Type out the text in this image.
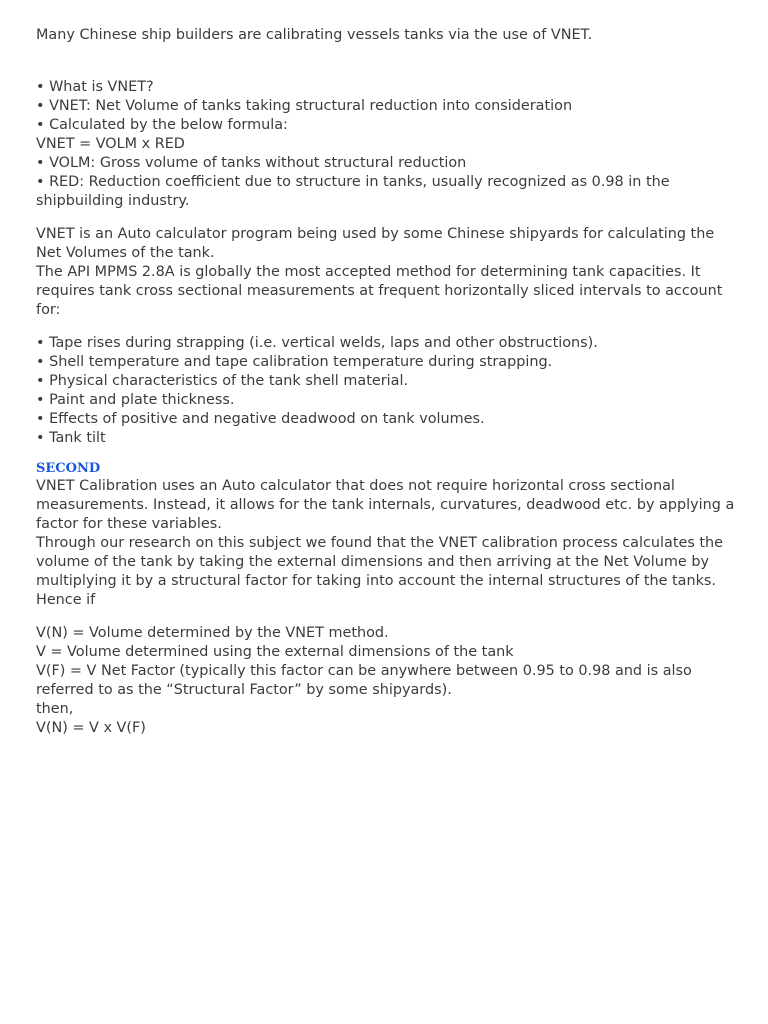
Many Chinese ship builders are calibrating vessels tanks via the use of VNET.

• What is VNET?
• VNET: Net Volume of tanks taking structural reduction into consideration
• Calculated by the below formula:
VNET = VOLM x RED
• VOLM: Gross volume of tanks without structural reduction
• RED: Reduction coefficient due to structure in tanks, usually recognized as 0.98 in the shipbuilding industry.
VNET is an Auto calculator program being used by some Chinese shipyards for calculating the Net Volumes of the tank.
The API MPMS 2.8A is globally the most accepted method for determining tank capacities. It requires tank cross sectional measurements at frequent horizontally sliced intervals to account for:
• Tape rises during strapping (i.e. vertical welds, laps and other obstructions).
• Shell temperature and tape calibration temperature during strapping.
• Physical characteristics of the tank shell material.
• Paint and plate thickness.
• Effects of positive and negative deadwood on tank volumes.
• Tank tilt
SECOND
VNET Calibration uses an Auto calculator that does not require horizontal cross sectional measurements. Instead, it allows for the tank internals, curvatures, deadwood etc. by applying a factor for these variables.
Through our research on this subject we found that the VNET calibration process calculates the volume of the tank by taking the external dimensions and then arriving at the Net Volume by multiplying it by a structural factor for taking into account the internal structures of the tanks.
Hence if
V(N) = Volume determined by the VNET method.
V = Volume determined using the external dimensions of the tank
V(F) = V Net Factor (typically this factor can be anywhere between 0.95 to 0.98 and is also referred to as the “Structural Factor” by some shipyards).
then,
V(N) = V x V(F)
